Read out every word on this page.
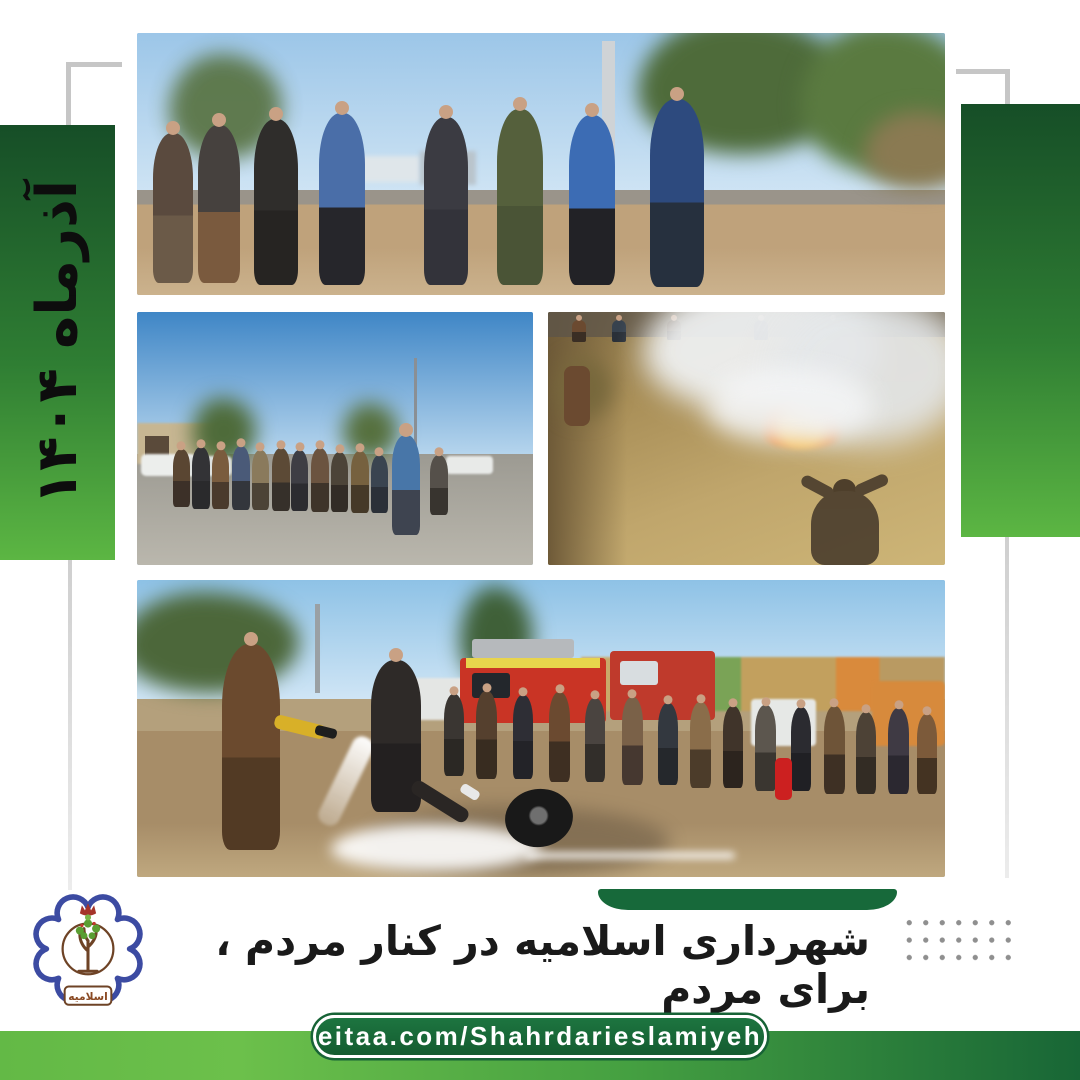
آذرماه ۱۴۰۴
اسلامیه
شهرداری اسلامیه در کنار مردم ، برای مردم
eitaa.com/Shahrdarieslamiyeh
